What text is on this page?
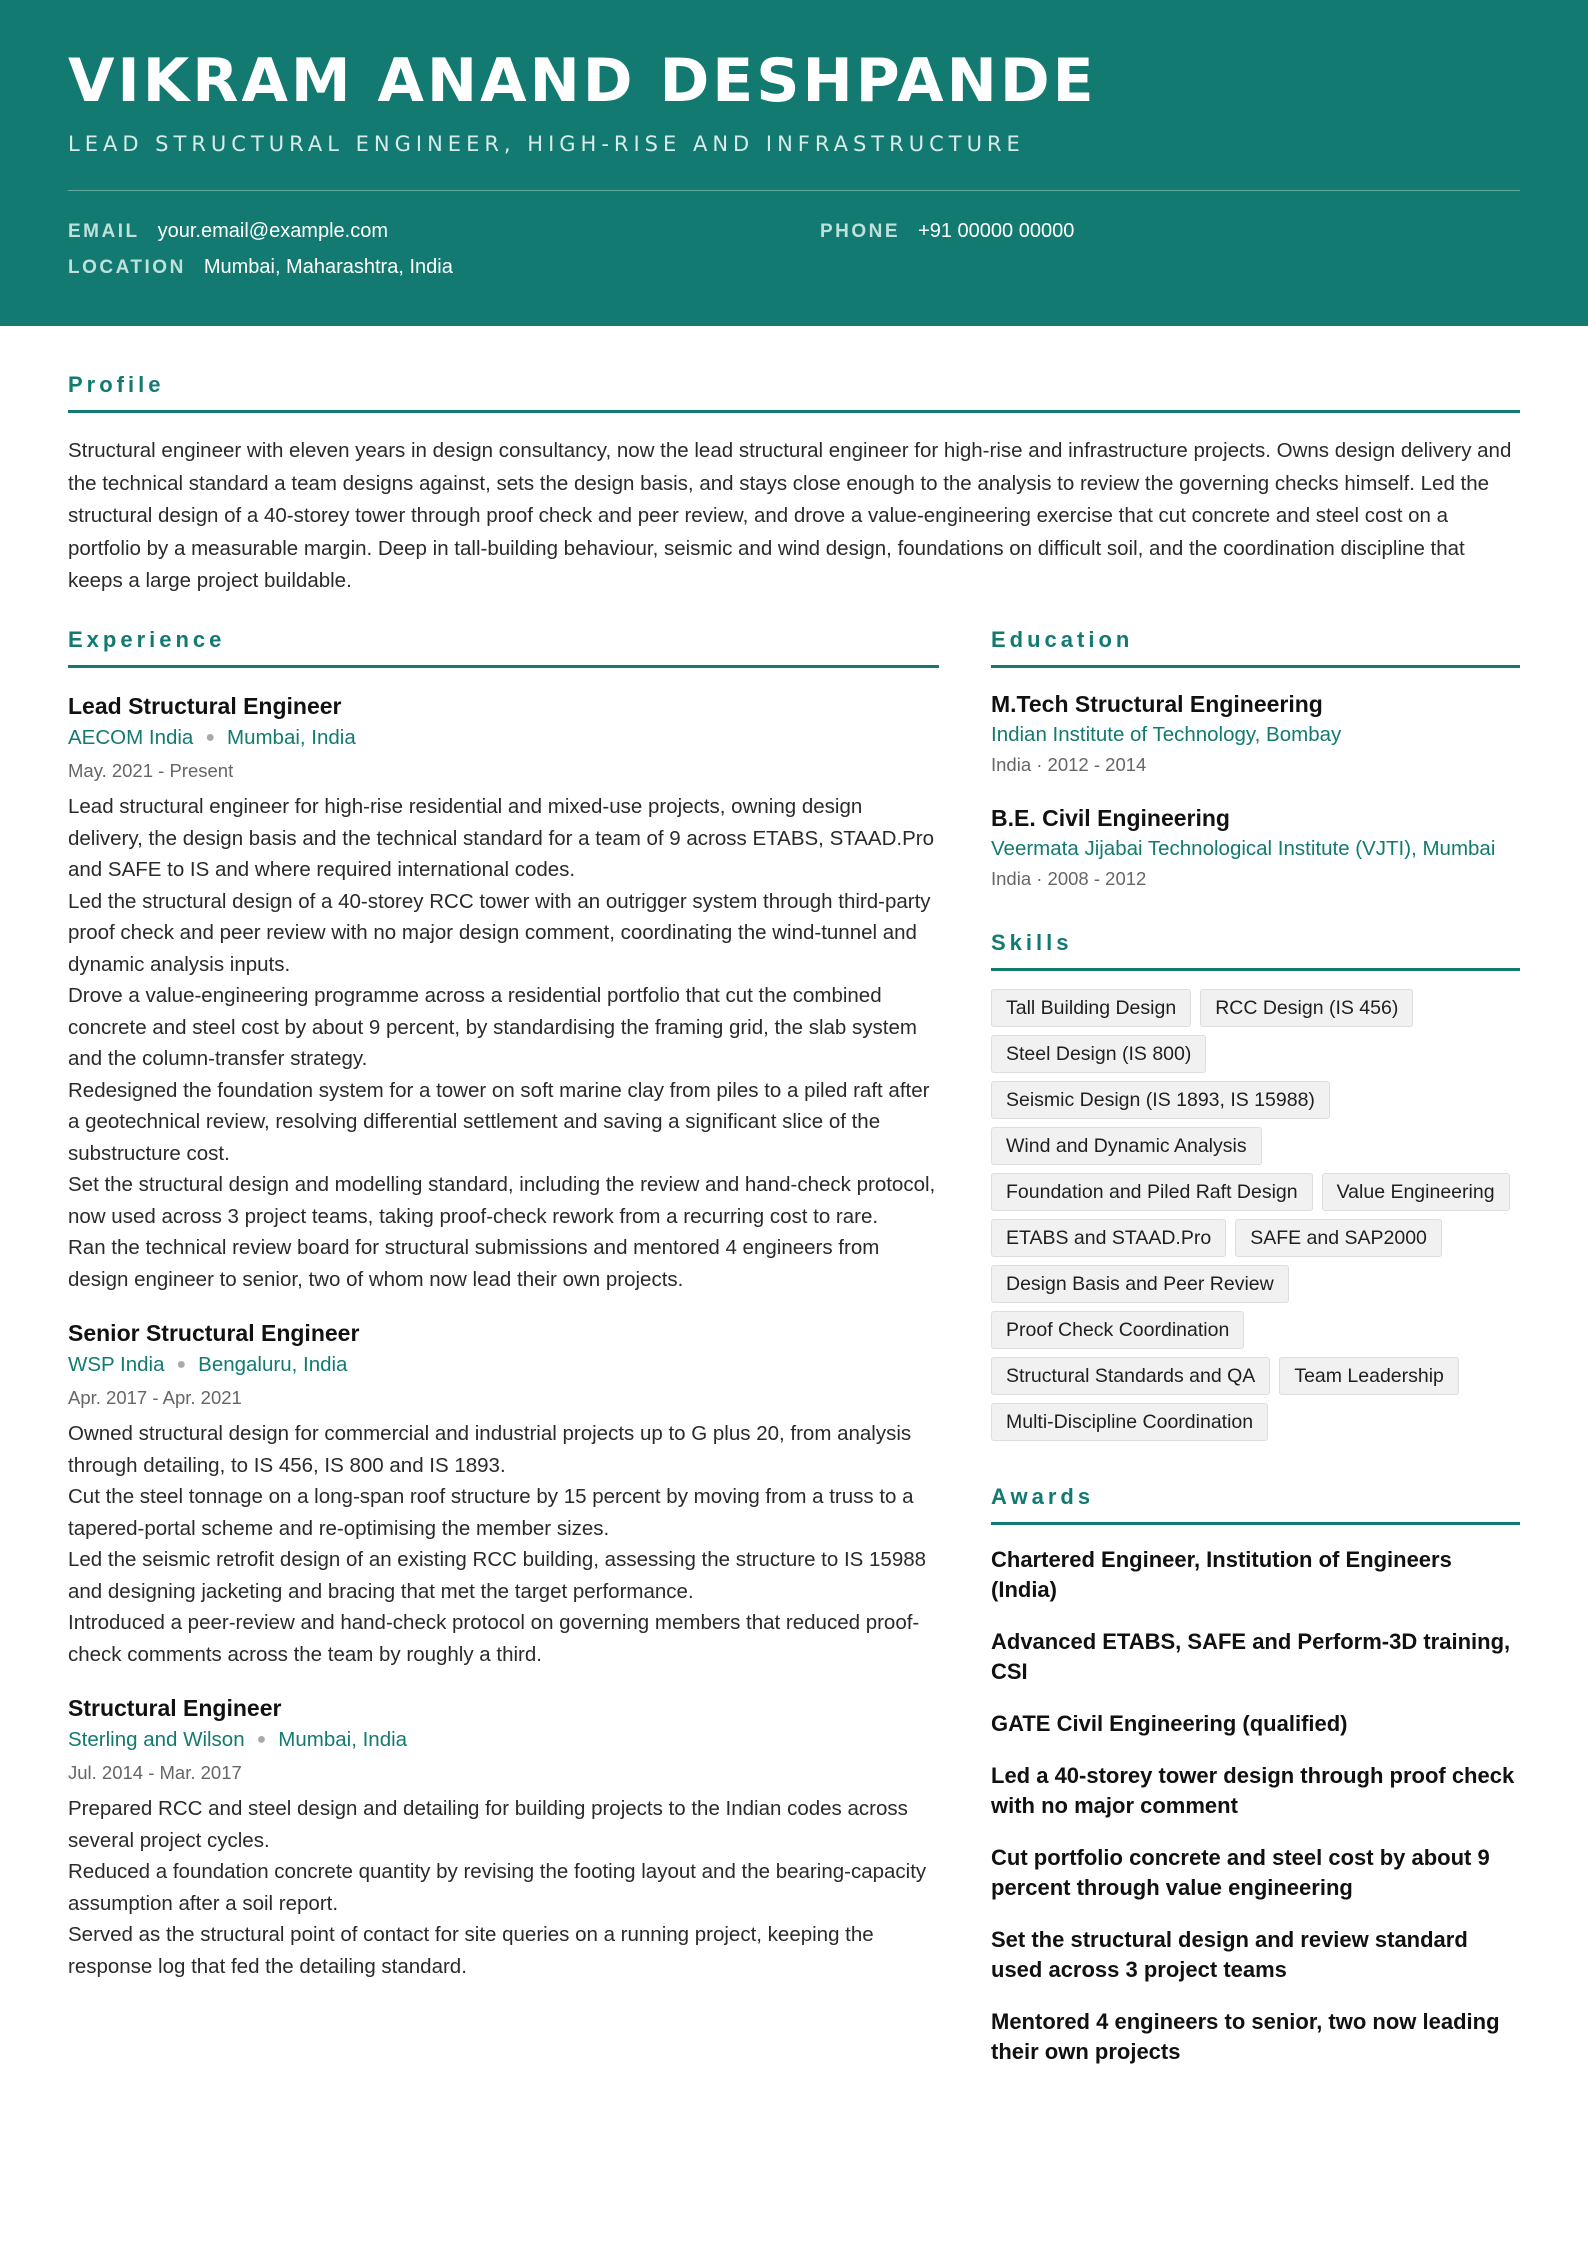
VIKRAM ANAND DESHPANDE
LEAD STRUCTURAL ENGINEER, HIGH-RISE AND INFRASTRUCTURE
EMAIL your.email@example.com	PHONE +91 00000 00000
LOCATION Mumbai, Maharashtra, India
Profile
Structural engineer with eleven years in design consultancy, now the lead structural engineer for high-rise and infrastructure projects. Owns design delivery and the technical standard a team designs against, sets the design basis, and stays close enough to the analysis to review the governing checks himself. Led the structural design of a 40-storey tower through proof check and peer review, and drove a value-engineering exercise that cut concrete and steel cost on a portfolio by a measurable margin. Deep in tall-building behaviour, seismic and wind design, foundations on difficult soil, and the coordination discipline that keeps a large project buildable.
Experience
Lead Structural Engineer
AECOM India ● Mumbai, India
May. 2021 - Present
Lead structural engineer for high-rise residential and mixed-use projects, owning design delivery, the design basis and the technical standard for a team of 9 across ETABS, STAAD.Pro and SAFE to IS and where required international codes.
Led the structural design of a 40-storey RCC tower with an outrigger system through third-party proof check and peer review with no major design comment, coordinating the wind-tunnel and dynamic analysis inputs.
Drove a value-engineering programme across a residential portfolio that cut the combined concrete and steel cost by about 9 percent, by standardising the framing grid, the slab system and the column-transfer strategy.
Redesigned the foundation system for a tower on soft marine clay from piles to a piled raft after a geotechnical review, resolving differential settlement and saving a significant slice of the substructure cost.
Set the structural design and modelling standard, including the review and hand-check protocol, now used across 3 project teams, taking proof-check rework from a recurring cost to rare.
Ran the technical review board for structural submissions and mentored 4 engineers from design engineer to senior, two of whom now lead their own projects.
Senior Structural Engineer
WSP India ● Bengaluru, India
Apr. 2017 - Apr. 2021
Owned structural design for commercial and industrial projects up to G plus 20, from analysis through detailing, to IS 456, IS 800 and IS 1893.
Cut the steel tonnage on a long-span roof structure by 15 percent by moving from a truss to a tapered-portal scheme and re-optimising the member sizes.
Led the seismic retrofit design of an existing RCC building, assessing the structure to IS 15988 and designing jacketing and bracing that met the target performance.
Introduced a peer-review and hand-check protocol on governing members that reduced proof-check comments across the team by roughly a third.
Structural Engineer
Sterling and Wilson ● Mumbai, India
Jul. 2014 - Mar. 2017
Prepared RCC and steel design and detailing for building projects to the Indian codes across several project cycles.
Reduced a foundation concrete quantity by revising the footing layout and the bearing-capacity assumption after a soil report.
Served as the structural point of contact for site queries on a running project, keeping the response log that fed the detailing standard.
Education
M.Tech Structural Engineering
Indian Institute of Technology, Bombay
India · 2012 - 2014
B.E. Civil Engineering
Veermata Jijabai Technological Institute (VJTI), Mumbai
India · 2008 - 2012
Skills
Tall Building Design	RCC Design (IS 456)
Steel Design (IS 800)
Seismic Design (IS 1893, IS 15988)
Wind and Dynamic Analysis
Foundation and Piled Raft Design	Value Engineering
ETABS and STAAD.Pro	SAFE and SAP2000
Design Basis and Peer Review
Proof Check Coordination
Structural Standards and QA	Team Leadership
Multi-Discipline Coordination
Awards
Chartered Engineer, Institution of Engineers (India)
Advanced ETABS, SAFE and Perform-3D training, CSI
GATE Civil Engineering (qualified)
Led a 40-storey tower design through proof check with no major comment
Cut portfolio concrete and steel cost by about 9 percent through value engineering
Set the structural design and review standard used across 3 project teams
Mentored 4 engineers to senior, two now leading their own projects
